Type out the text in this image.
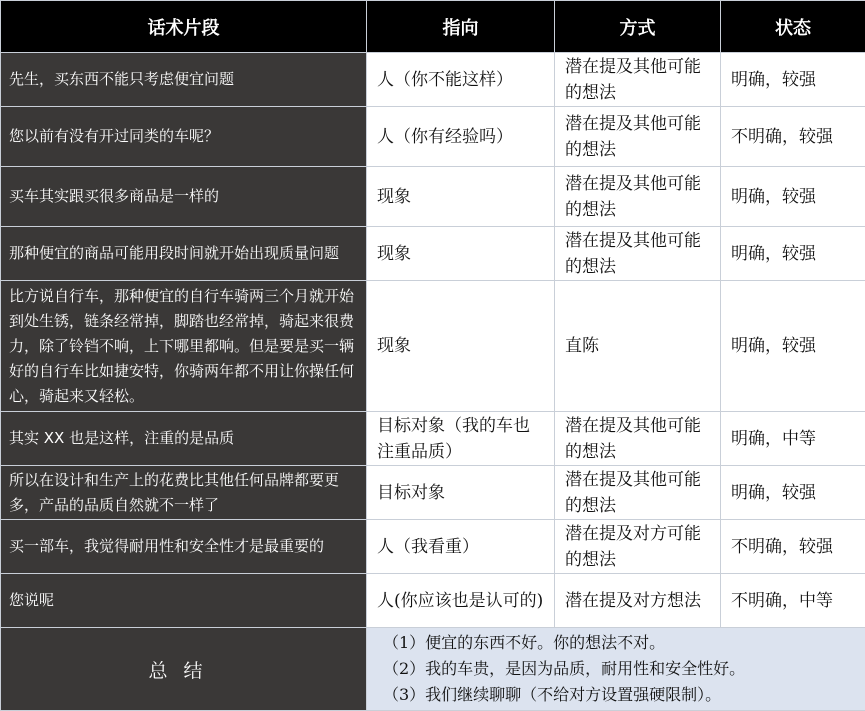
话术片段	指向	方式	状态
先生，买东西不能只考虑便宜问题	人（你不能这样）	潜在提及其他可能的想法	明确，较强
您以前有没有开过同类的车呢？	人（你有经验吗）	潜在提及其他可能的想法	不明确，较强
买车其实跟买很多商品是一样的	现象	潜在提及其他可能的想法	明确，较强
那种便宜的商品可能用段时间就开始出现质量问题	现象	潜在提及其他可能的想法	明确，较强
比方说自行车，那种便宜的自行车骑两三个月就开始到处生锈，链条经常掉，脚踏也经常掉，骑起来很费力，除了铃铛不响，上下哪里都响。但是要是买一辆好的自行车比如捷安特，你骑两年都不用让你操任何心，骑起来又轻松。	现象	直陈	明确，较强
其实 XX 也是这样，注重的是品质	目标对象（我的车也注重品质）	潜在提及其他可能的想法	明确，中等
所以在设计和生产上的花费比其他任何品牌都要更多，产品的品质自然就不一样了	目标对象	潜在提及其他可能的想法	明确，较强
买一部车，我觉得耐用性和安全性才是最重要的	人（我看重）	潜在提及对方可能的想法	不明确，较强
您说呢	人(你应该也是认可的)	潜在提及对方想法	不明确，中等
总结	（1）便宜的东西不好。你的想法不对。
（2）我的车贵，是因为品质，耐用性和安全性好。
（3）我们继续聊聊（不给对方设置强硬限制）。		
